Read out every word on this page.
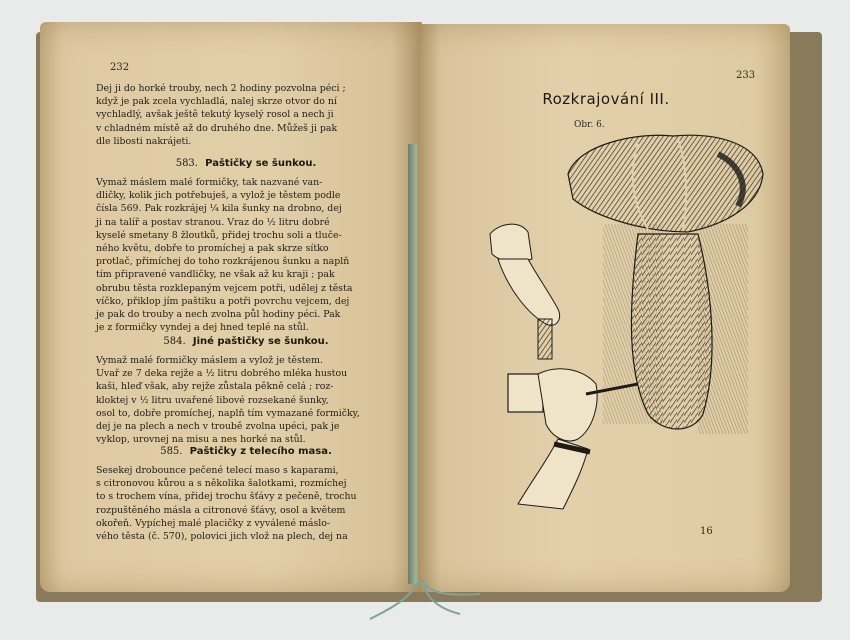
232
Dej ji do horké trouby, nech 2 hodiny pozvolna péci ;
když je pak zcela vychladlá, nalej skrze otvor do ní
vychladlý, avšak ještě tekutý kyselý rosol a nech ji
v chladném místě až do druhého dne. Můžeš ji pak
dle libosti nakrájeti.
583. Paštičky se šunkou.
Vymaž máslem malé formičky, tak nazvané van-
dličky, kolik jich potřebuješ, a vylož je těstem podle
čísla 569. Pak rozkrájej ¼ kila šunky na drobno, dej
ji na talíř a postav stranou. Vraz do ½ litru dobré
kyselé smetany 8 žloutků, přidej trochu soli a tluče-
ného květu, dobře to promíchej a pak skrze sítko
protlač, přimíchej do toho rozkrájenou šunku a naplň
tím připravené vandličky, ne však až ku kraji ; pak
obrubu těsta rozklepaným vejcem potři, udělej z těsta
víčko, přiklop jím paštiku a potři povrchu vejcem, dej
je pak do trouby a nech zvolna půl hodiny péci. Pak
je z formičky vyndej a dej hned teplé na stůl.
584. Jiné paštičky se šunkou.
Vymaž malé formičky máslem a vylož je těstem.
Uvař ze 7 deka rejže a ½ litru dobrého mléka hustou
kaši, hleď však, aby rejže zůstala pěkně celá ; roz-
kloktej v ½ litru uvařené libové rozsekané šunky,
osol to, dobře promíchej, naplň tím vymazané formičky,
dej je na plech a nech v troubě zvolna upéci, pak je
vyklop, urovnej na misu a nes horké na stůl.
585. Paštičky z telecího masa.
Sesekej drobounce pečené telecí maso s kaparami,
s citronovou kůrou a s několika šalotkami, rozmíchej
to s trochem vína, přidej trochu šťávy z pečeně, trochu
rozpuštěného másla a citronové šťávy, osol a květem
okořeň. Vypíchej malé placičky z vyválené máslo-
vého těsta (č. 570), polovici jich vlož na plech, dej na
233
Rozkrajování III.
Obr. 6.
16
